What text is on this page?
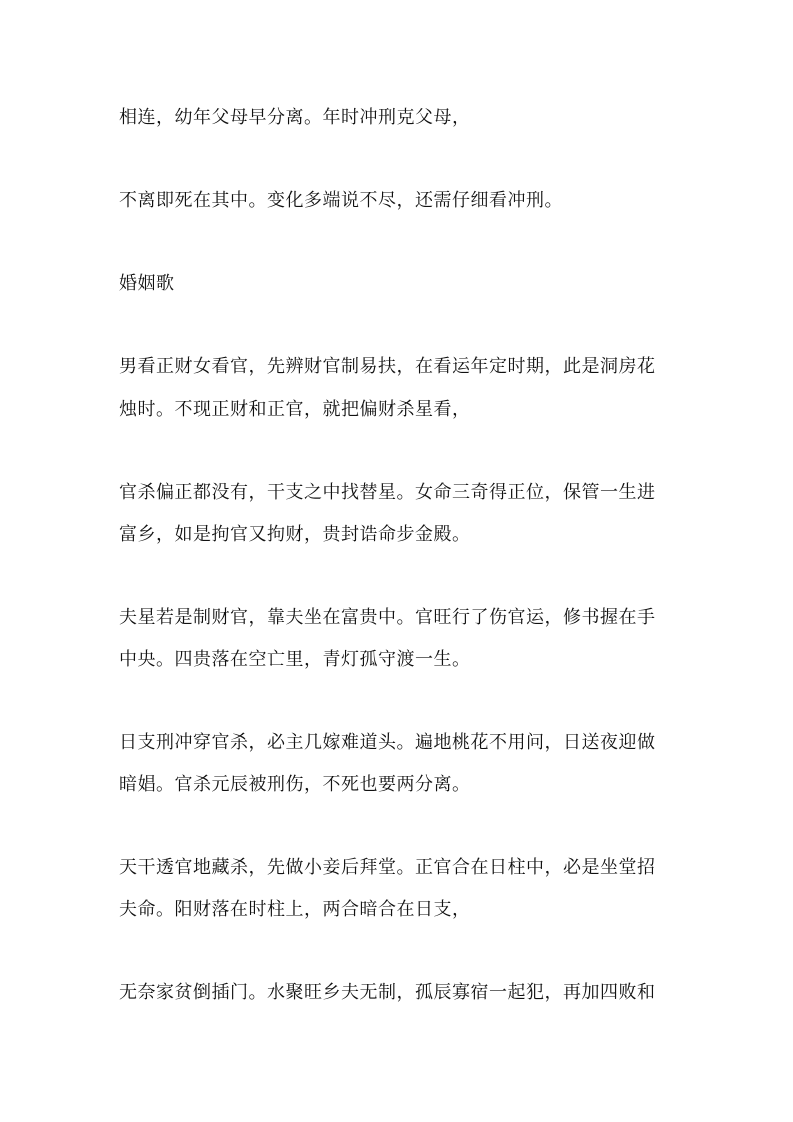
相连，幼年父母早分离。年时冲刑克父母，

不离即死在其中。变化多端说不尽，还需仔细看冲刑。

婚姻歌

男看正财女看官，先辨财官制易扶，在看运年定时期，此是洞房花

烛时。不现正财和正官，就把偏财杀星看，

官杀偏正都没有，干支之中找替星。女命三奇得正位，保管一生进

富乡，如是拘官又拘财，贵封诰命步金殿。

夫星若是制财官，靠夫坐在富贵中。官旺行了伤官运，修书握在手

中央。四贵落在空亡里，青灯孤守渡一生。

日支刑冲穿官杀，必主几嫁难道头。遍地桃花不用问，日送夜迎做

暗娼。官杀元辰被刑伤，不死也要两分离。

天干透官地藏杀，先做小妾后拜堂。正官合在日柱中，必是坐堂招

夫命。阳财落在时柱上，两合暗合在日支，

无奈家贫倒插门。水聚旺乡夫无制，孤辰寡宿一起犯，再加四败和
